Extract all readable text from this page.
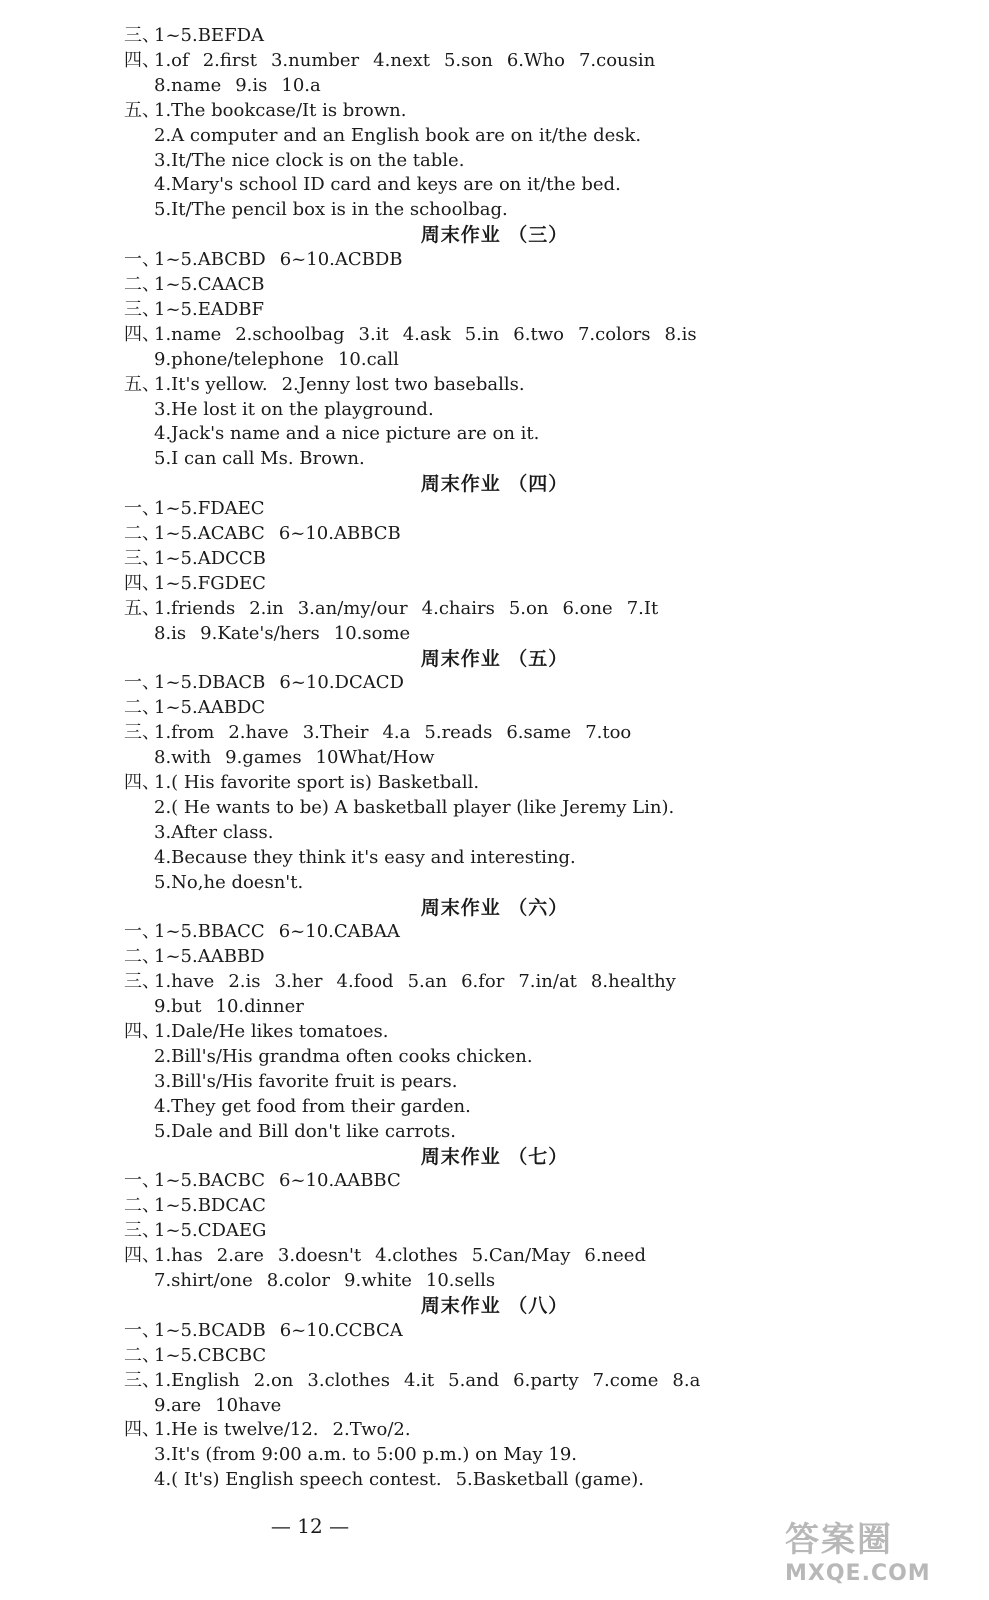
三、1~5.BEFDA
四、1.of 2.first 3.number 4.next 5.son 6.Who 7.cousin
8.name 9.is 10.a
五、1.The bookcase/It is brown.
2.A computer and an English book are on it/the desk.
3.It/The nice clock is on the table.
4.Mary's school ID card and keys are on it/the bed.
5.It/The pencil box is in the schoolbag.
周末作业 （三）
一、1~5.ABCBD 6~10.ACBDB
二、1~5.CAACB
三、1~5.EADBF
四、1.name 2.schoolbag 3.it 4.ask 5.in 6.two 7.colors 8.is
9.phone/telephone 10.call
五、1.It's yellow. 2.Jenny lost two baseballs.
3.He lost it on the playground.
4.Jack's name and a nice picture are on it.
5.I can call Ms. Brown.
周末作业 （四）
一、1~5.FDAEC
二、1~5.ACABC 6~10.ABBCB
三、1~5.ADCCB
四、1~5.FGDEC
五、1.friends 2.in 3.an/my/our 4.chairs 5.on 6.one 7.It
8.is 9.Kate's/hers 10.some
周末作业 （五）
一、1~5.DBACB 6~10.DCACD
二、1~5.AABDC
三、1.from 2.have 3.Their 4.a 5.reads 6.same 7.too
8.with 9.games 10What/How
四、1.( His favorite sport is) Basketball.
2.( He wants to be) A basketball player (like Jeremy Lin).
3.After class.
4.Because they think it's easy and interesting.
5.No,he doesn't.
周末作业 （六）
一、1~5.BBACC 6~10.CABAA
二、1~5.AABBD
三、1.have 2.is 3.her 4.food 5.an 6.for 7.in/at 8.healthy
9.but 10.dinner
四、1.Dale/He likes tomatoes.
2.Bill's/His grandma often cooks chicken.
3.Bill's/His favorite fruit is pears.
4.They get food from their garden.
5.Dale and Bill don't like carrots.
周末作业 （七）
一、1~5.BACBC 6~10.AABBC
二、1~5.BDCAC
三、1~5.CDAEG
四、1.has 2.are 3.doesn't 4.clothes 5.Can/May 6.need
7.shirt/one 8.color 9.white 10.sells
周末作业 （八）
一、1~5.BCADB 6~10.CCBCA
二、1~5.CBCBC
三、1.English 2.on 3.clothes 4.it 5.and 6.party 7.come 8.a
9.are 10have
四、1.He is twelve/12. 2.Two/2.
3.It's (from 9:00 a.m. to 5:00 p.m.) on May 19.
4.( It's) English speech contest. 5.Basketball (game).
— 12 —	答案圈
MXQE.COM
